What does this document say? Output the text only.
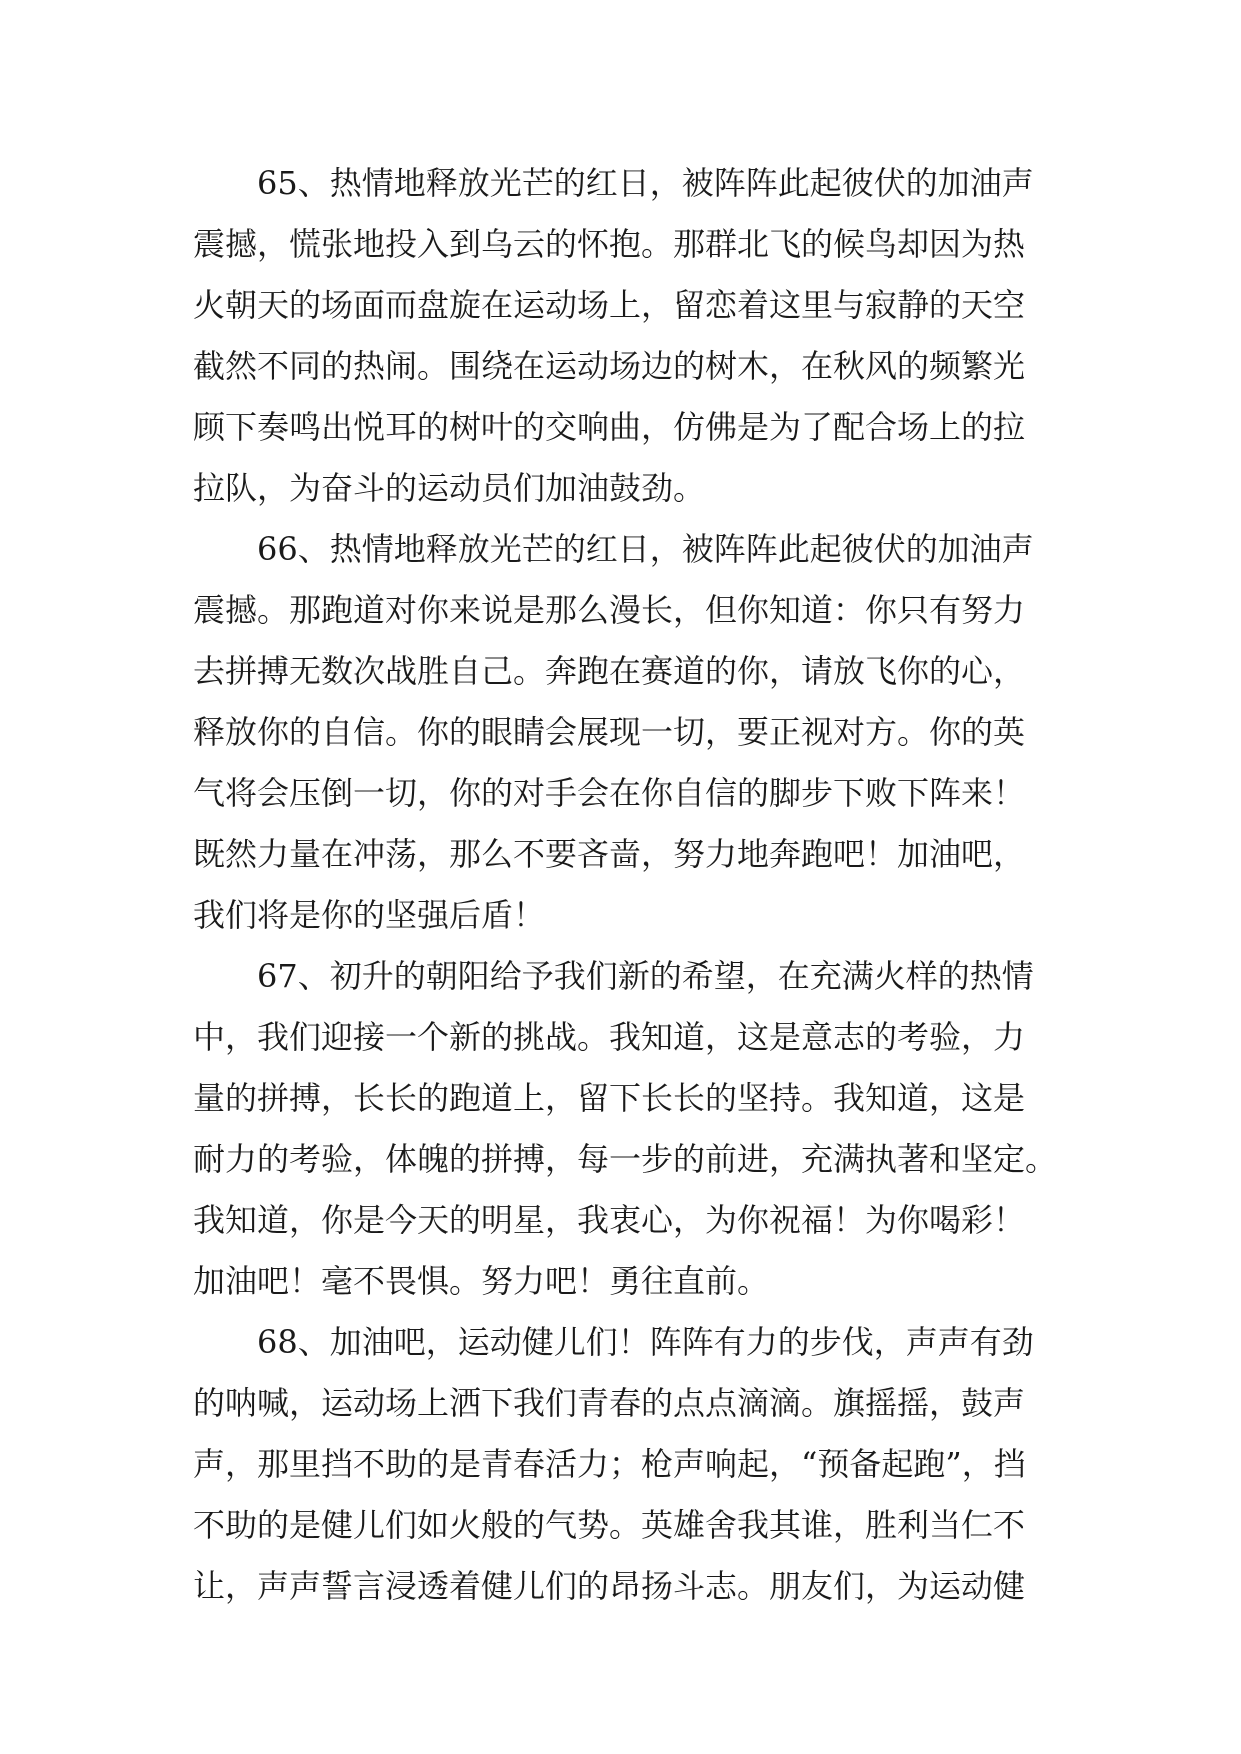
65、热情地释放光芒的红日，被阵阵此起彼伏的加油声
震撼，慌张地投入到乌云的怀抱。那群北飞的候鸟却因为热
火朝天的场面而盘旋在运动场上，留恋着这里与寂静的天空
截然不同的热闹。围绕在运动场边的树木，在秋风的频繁光
顾下奏鸣出悦耳的树叶的交响曲，仿佛是为了配合场上的拉
拉队，为奋斗的运动员们加油鼓劲。
66、热情地释放光芒的红日，被阵阵此起彼伏的加油声
震撼。那跑道对你来说是那么漫长，但你知道：你只有努力
去拼搏无数次战胜自己。奔跑在赛道的你，请放飞你的心，
释放你的自信。你的眼睛会展现一切，要正视对方。你的英
气将会压倒一切，你的对手会在你自信的脚步下败下阵来！
既然力量在冲荡，那么不要吝啬，努力地奔跑吧！加油吧，
我们将是你的坚强后盾！
67、初升的朝阳给予我们新的希望，在充满火样的热情
中，我们迎接一个新的挑战。我知道，这是意志的考验，力
量的拼搏，长长的跑道上，留下长长的坚持。我知道，这是
耐力的考验，体魄的拼搏，每一步的前进，充满执著和坚定。
我知道，你是今天的明星，我衷心，为你祝福！为你喝彩！
加油吧！毫不畏惧。努力吧！勇往直前。
68、加油吧，运动健儿们！阵阵有力的步伐，声声有劲
的呐喊，运动场上洒下我们青春的点点滴滴。旗摇摇，鼓声
声，那里挡不助的是青春活力；枪声响起，“预备起跑”，挡
不助的是健儿们如火般的气势。英雄舍我其谁，胜利当仁不
让，声声誓言浸透着健儿们的昂扬斗志。朋友们，为运动健
